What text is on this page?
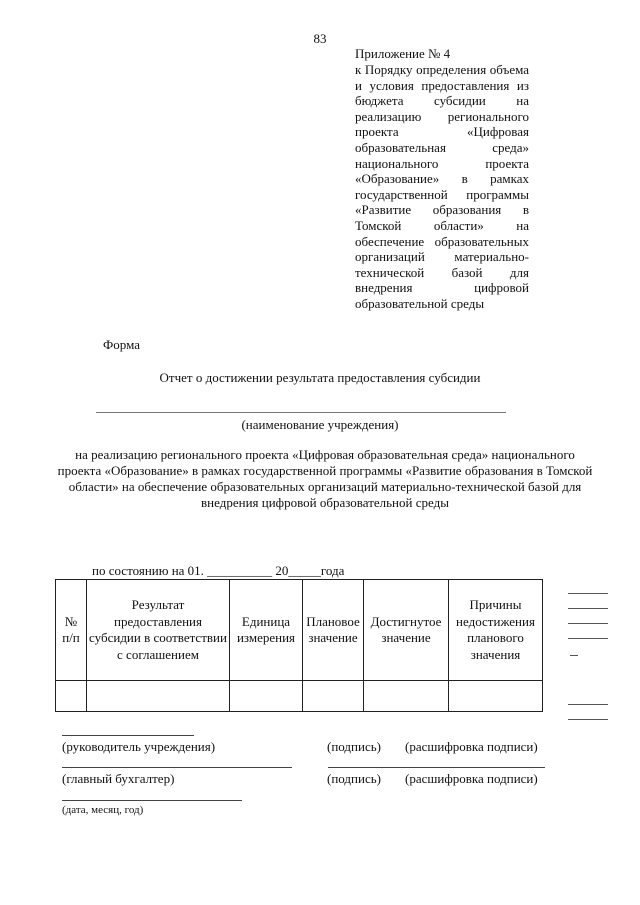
83
Приложение № 4
к Порядку определения объема и условия предоставления из бюджета субсидии на реализацию регионального проекта «Цифровая образовательная среда» национального проекта «Образование» в рамках государственной программы «Развитие образования в Томской области» на обеспечение образовательных организаций материально-технической базой для внедрения цифровой образовательной среды
Форма
Отчет о достижении результата предоставления субсидии
(наименование учреждения)
на реализацию регионального проекта «Цифровая образовательная среда» национального проекта «Образование» в рамках государственной программы «Развитие образования в Томской области» на обеспечение образовательных организаций материально-технической базой для внедрения цифровой образовательной среды
по состоянию на 01. __________ 20_____года
№ п/п	Результат предоставления субсидии в соответствии с соглашением	Единица измерения	Плановое значение	Достигнутое значение	Причины недостижения планового значения

(руководитель учреждения)	(подпись) (расшифровка подписи)
(главный бухгалтер)	(подпись) (расшифровка подписи)
(дата, месяц, год)
